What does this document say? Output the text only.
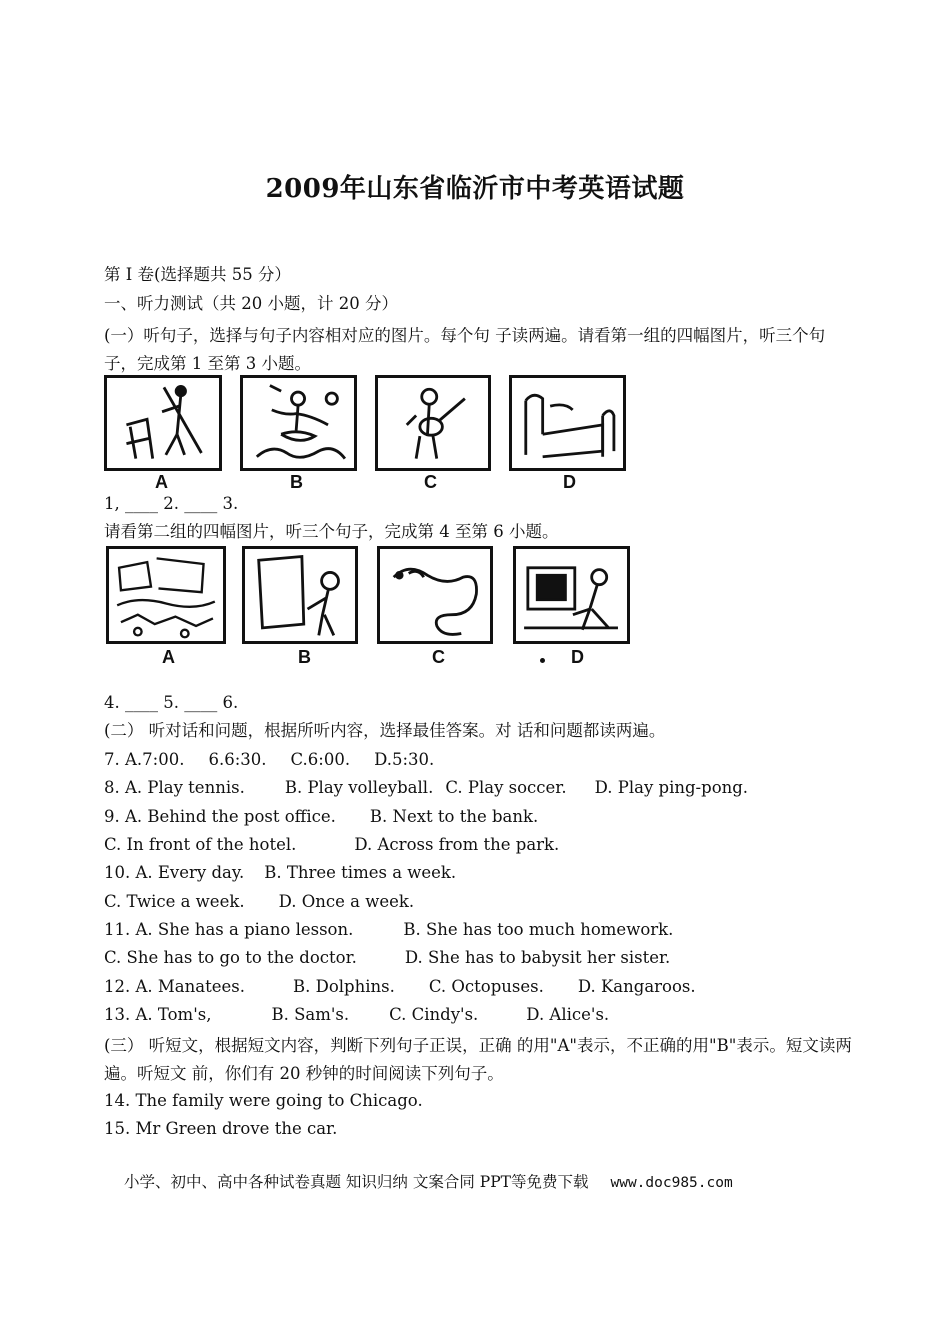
2009年山东省临沂市中考英语试题
第 I 卷(选择题共 55 分）
一、听力测试（共 20 小题，计 20 分）
(一）听句子，选择与句子内容相对应的图片。每个句 子读两遍。请看第一组的四幅图片，听三个句子，完成第 1 至第 3 小题。
A	B	C	D
1, ____ 2. ____ 3.
请看第二组的四幅图片，听三个句子，完成第 4 至第 6 小题。
A	B	C	D
4. ____ 5. ____ 6.
(二） 听对话和问题，根据所听内容，选择最佳答案。对 话和问题都读两遍。
7. A.7:00. 6.6:30. C.6:00. D.5:30.
8. A. Play tennis. B. Play volleyball. C. Play soccer. D. Play ping-pong.
9. A. Behind the post office. B. Next to the bank.
C. In front of the hotel.	D. Across from the park.
10. A. Every day. B. Three times a week.
C. Twice a week. D. Once a week.
11. A. She has a piano lesson.	B. She has too much homework.
C. She has to go to the doctor.	D. She has to babysit her sister.
12. A. Manatees.	B. Dolphins. C. Octopuses. D. Kangaroos.
13. A. Tom's,	B. Sam's. C. Cindy's.	D. Alice's.
(三） 听短文，根据短文内容，判断下列句子正误，正确 的用"A"表示，不正确的用"B"表示。短文读两遍。听短文 前，你们有 20 秒钟的时间阅读下列句子。
14. The family were going to Chicago.
15. Mr Green drove the car.
小学、初中、高中各种试卷真题 知识归纳 文案合同 PPT等免费下载 www.doc985.com
